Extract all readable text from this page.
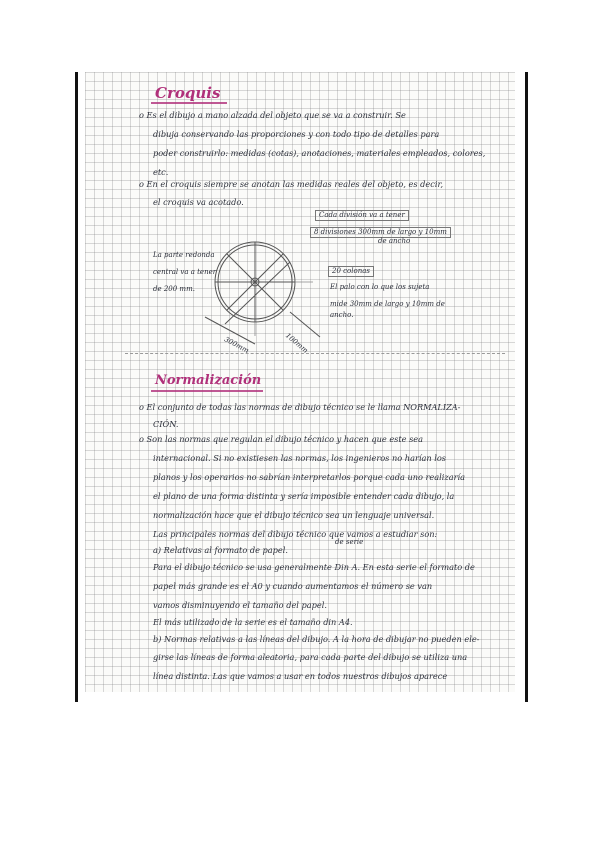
Croquis
o Es el dibujo a mano alzada del objeto que se va a construir. Se
dibuja conservando las proporciones y con todo tipo de detalles para
poder construirlo: medidas (cotas), anotaciones, materiales empleados, colores,
etc.
o En el croquis siempre se anotan las medidas reales del objeto, es decir,
el croquis va acotado.
Cada división va a tener
8 divisiones 300mm de largo y 10mm
de ancho
La parte redonda
central va a tener
de 200 mm.
20 colonas
El palo con lo que los sujeta
mide 30mm de largo y 10mm de
ancho.
300mm	100mm
Normalización
o El conjunto de todas las normas de dibujo técnico se le llama NORMALIZA-
CIÓN.
o Son las normas que regulan el dibujo técnico y hacen que este sea
internacional. Si no existiesen las normas, los ingenieros no harían los
planos y los operarios no sabrían interpretarlos porque cada uno realizaría
el plano de una forma distinta y sería imposible entender cada dibujo, la
normalización hace que el dibujo técnico sea un lenguaje universal.
Las principales normas del dibujo técnico que vamos a estudiar son:
a) Relativas al formato de papel.
de serie
Para el dibujo técnico se usa generalmente Din A. En esta serie el formato de
papel más grande es el A0 y cuando aumentamos el número se van
vamos disminuyendo el tamaño del papel.
El más utilizado de la serie es el tamaño din A4.
b) Normas relativas a las líneas del dibujo. A la hora de dibujar no pueden ele-
girse las líneas de forma aleatoria, para cada parte del dibujo se utiliza una
línea distinta. Las que vamos a usar en todos nuestros dibujos aparece
